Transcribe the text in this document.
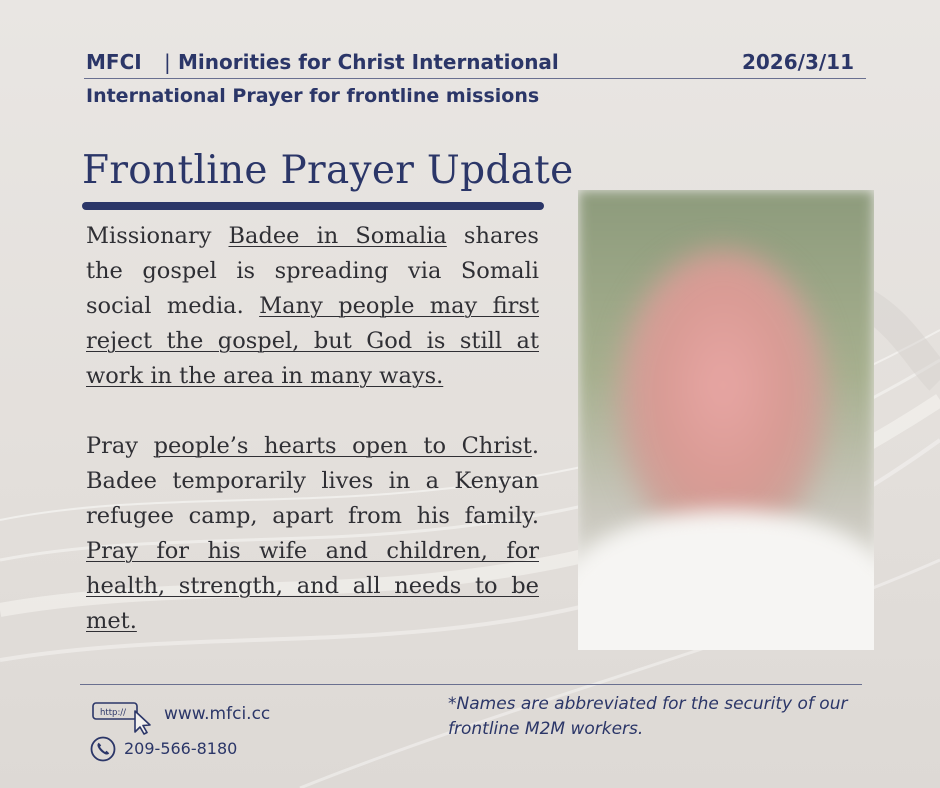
MFCI | Minorities for Christ International	2026/3/11
International Prayer for frontline missions
Frontline Prayer Update

Missionary Badee in Somalia shares the gospel is spreading via Somali social media. Many people may first reject the gospel, but God is still at work in the area in many ways.

Pray people’s hearts open to Christ. Badee temporarily lives in a Kenyan refugee camp, apart from his family. Pray for his wife and children, for health, strength, and all needs to be met.

http:// www.mfci.cc
209-566-8180
*Names are abbreviated for the security of our frontline M2M workers.
